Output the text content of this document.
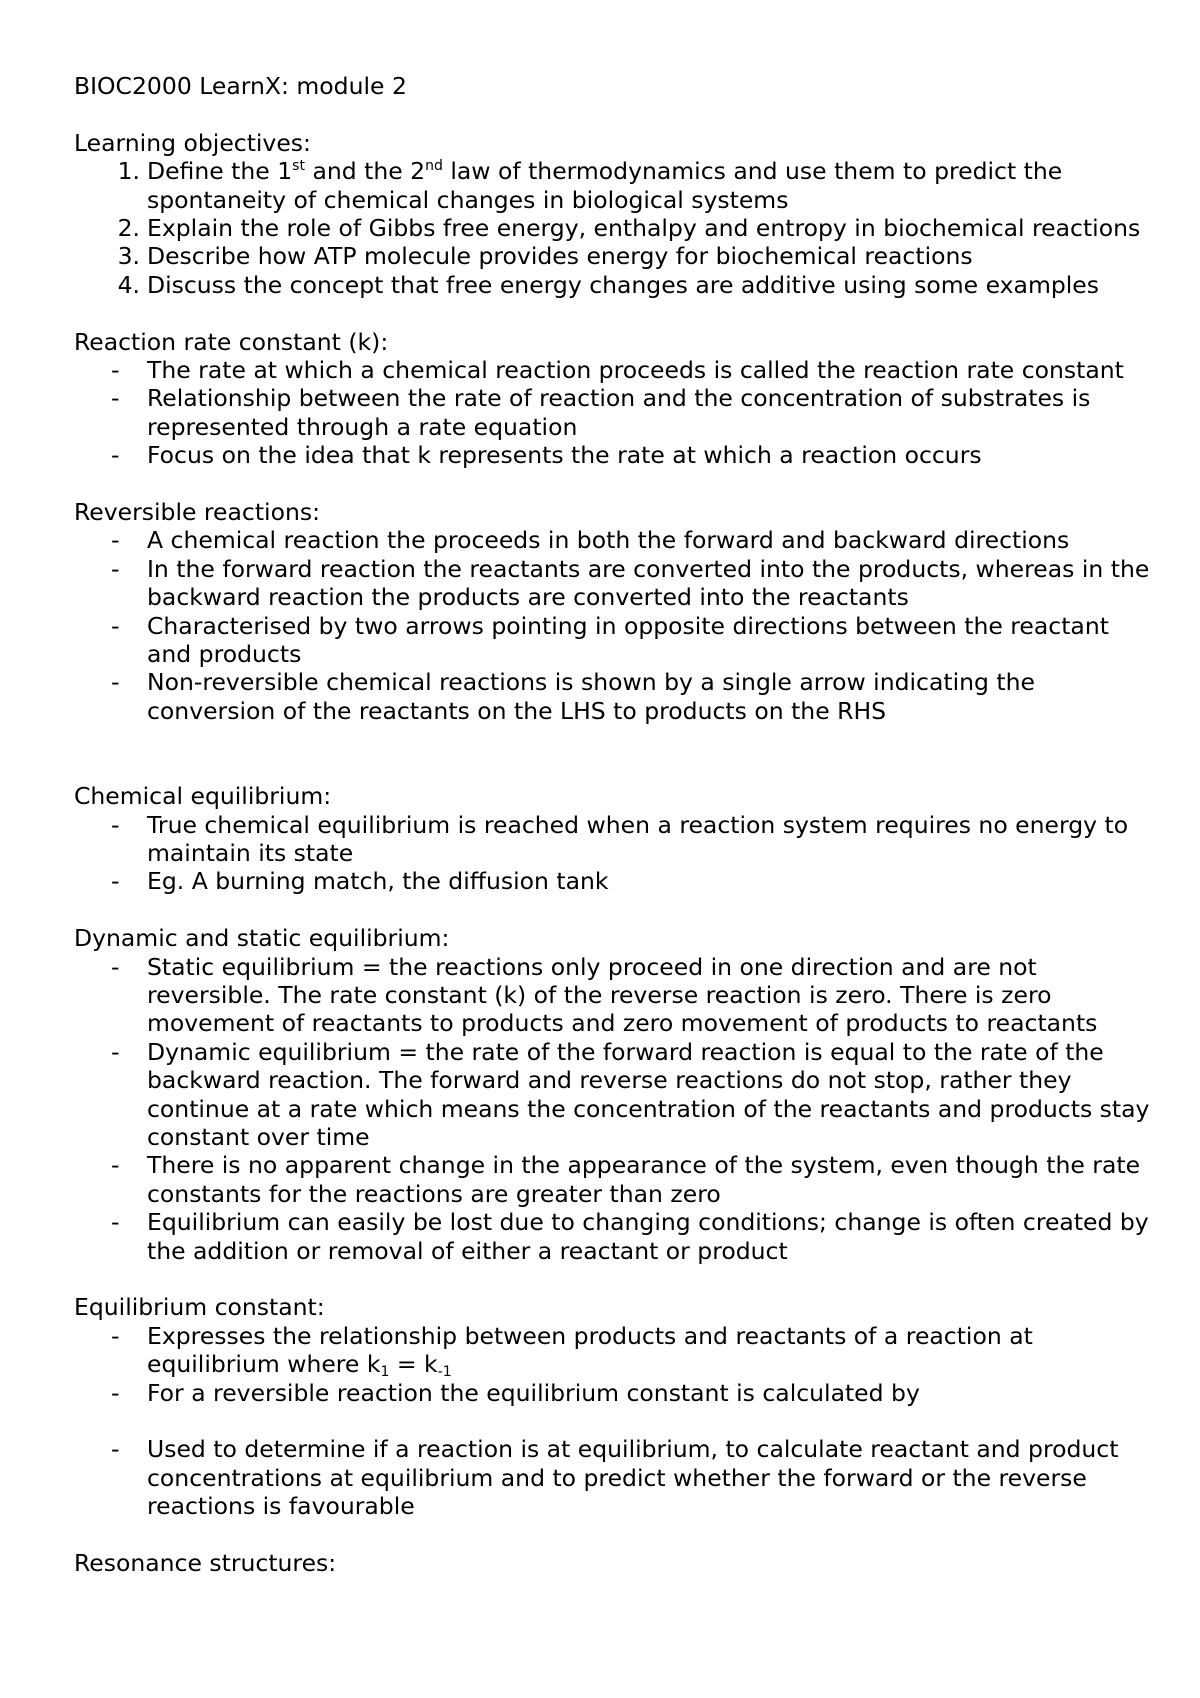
BIOC2000 LearnX: module 2

Learning objectives:

1. Define the 1st and the 2nd law of thermodynamics and use them to predict the spontaneity of chemical changes in biological systems
2. Explain the role of Gibbs free energy, enthalpy and entropy in biochemical reactions
3. Describe how ATP molecule provides energy for biochemical reactions
4. Discuss the concept that free energy changes are additive using some examples

Reaction rate constant (k):

- The rate at which a chemical reaction proceeds is called the reaction rate constant
- Relationship between the rate of reaction and the concentration of substrates is represented through a rate equation
- Focus on the idea that k represents the rate at which a reaction occurs

Reversible reactions:

- A chemical reaction the proceeds in both the forward and backward directions
- In the forward reaction the reactants are converted into the products, whereas in the backward reaction the products are converted into the reactants
- Characterised by two arrows pointing in opposite directions between the reactant and products
- Non-reversible chemical reactions is shown by a single arrow indicating the conversion of the reactants on the LHS to products on the RHS

Chemical equilibrium:

- True chemical equilibrium is reached when a reaction system requires no energy to maintain its state
- Eg. A burning match, the diffusion tank

Dynamic and static equilibrium:

- Static equilibrium = the reactions only proceed in one direction and are not reversible. The rate constant (k) of the reverse reaction is zero. There is zero movement of reactants to products and zero movement of products to reactants
- Dynamic equilibrium = the rate of the forward reaction is equal to the rate of the backward reaction. The forward and reverse reactions do not stop, rather they continue at a rate which means the concentration of the reactants and products stay constant over time
- There is no apparent change in the appearance of the system, even though the rate constants for the reactions are greater than zero
- Equilibrium can easily be lost due to changing conditions; change is often created by the addition or removal of either a reactant or product

Equilibrium constant:

- Expresses the relationship between products and reactants of a reaction at equilibrium where $k_1 = k_{-1}$
- For a reversible reaction the equilibrium constant is calculated by
- Used to determine if a reaction is at equilibrium, to calculate reactant and product concentrations at equilibrium and to predict whether the forward or the reverse reactions is favourable

Resonance structures:
